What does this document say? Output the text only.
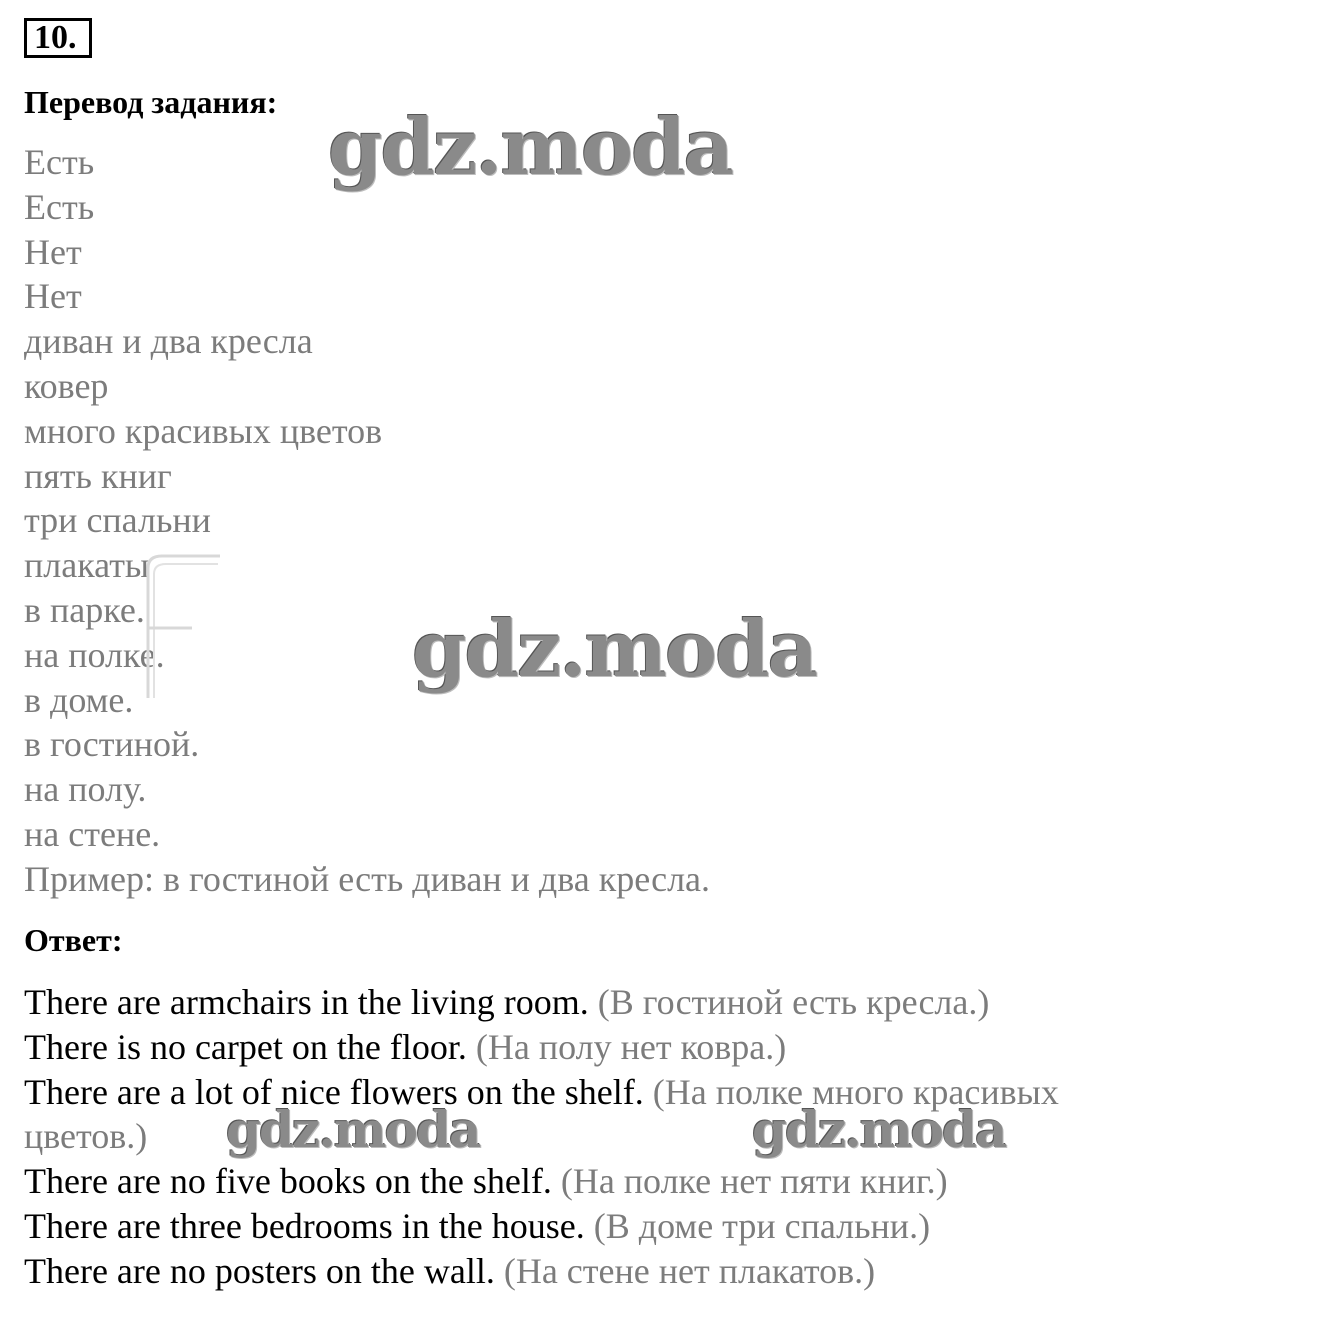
10.
Перевод задания:
Есть
Есть
Нет
Нет
диван и два кресла
ковер
много красивых цветов
пять книг
три спальни
плакаты
в парке.
на полке.
в доме.
в гостиной.
на полу.
на стене.
Пример: в гостиной есть диван и два кресла.
Ответ:
There are armchairs in the living room. (В гостиной есть кресла.)
There is no carpet on the floor. (На полу нет ковра.)
There are a lot of nice flowers on the shelf. (На полке много красивых цветов.)
There are no five books on the shelf. (На полке нет пяти книг.)
There are three bedrooms in the house. (В доме три спальни.)
There are no posters on the wall. (На стене нет плакатов.)
gdz.moda
gdz.moda
gdz.moda	gdz.moda
